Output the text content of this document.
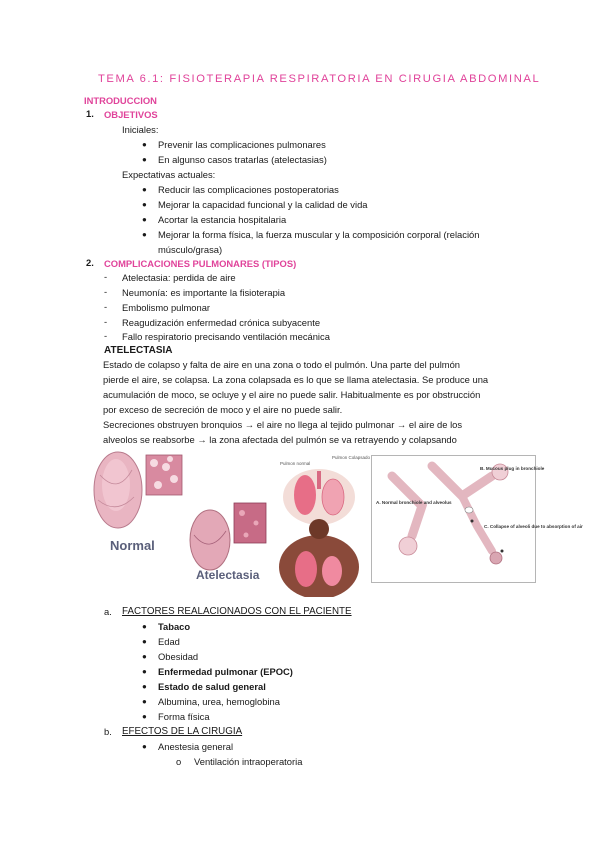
TEMA 6.1: FISIOTERAPIA RESPIRATORIA EN CIRUGIA ABDOMINAL
INTRODUCCION
1. OBJETIVOS
Iniciales:
● Prevenir las complicaciones pulmonares
● En algunso casos tratarlas (atelectasias)
Expectativas actuales:
● Reducir las complicaciones postoperatorias
● Mejorar la capacidad funcional y la calidad de vida
● Acortar la estancia hospitalaria
● Mejorar la forma física, la fuerza muscular y la composición corporal (relación
músculo/grasa)
2. COMPLICACIONES PULMONARES (TIPOS)
- Atelectasia: perdida de aire
- Neumonía: es importante la fisioterapia
- Embolismo pulmonar
- Reagudización enfermedad crónica subyacente
- Fallo respiratorio precisando ventilación mecánica
ATELECTASIA
Estado de colapso y falta de aire en una zona o todo el pulmón. Una parte del pulmón
pierde el aire, se colapsa. La zona colapsada es lo que se llama atelectasia. Se produce una
acumulación de moco, se ocluye y el aire no puede salir. Habitualmente es por obstrucción
por exceso de secreción de moco y el aire no puede salir.
Secreciones obstruyen bronquios → el aire no llega al tejido pulmonar → el aire de los
alveolos se reabsorbe → la zona afectada del pulmón se va retrayendo y colapsando
Normal
Atelectasia
Pulmon normal
Pulmon Colapsado
B. Mucous plug in bronchiole
A. Normal bronchiole and alveolus
C. Collapse of alveoli due to absorption of air
a. FACTORES REALACIONADOS CON EL PACIENTE
● Tabaco
● Edad
● Obesidad
● Enfermedad pulmonar (EPOC)
● Estado de salud general
● Albumina, urea, hemoglobina
● Forma física
b. EFECTOS DE LA CIRUGIA
● Anestesia general
o Ventilación intraoperatoria
